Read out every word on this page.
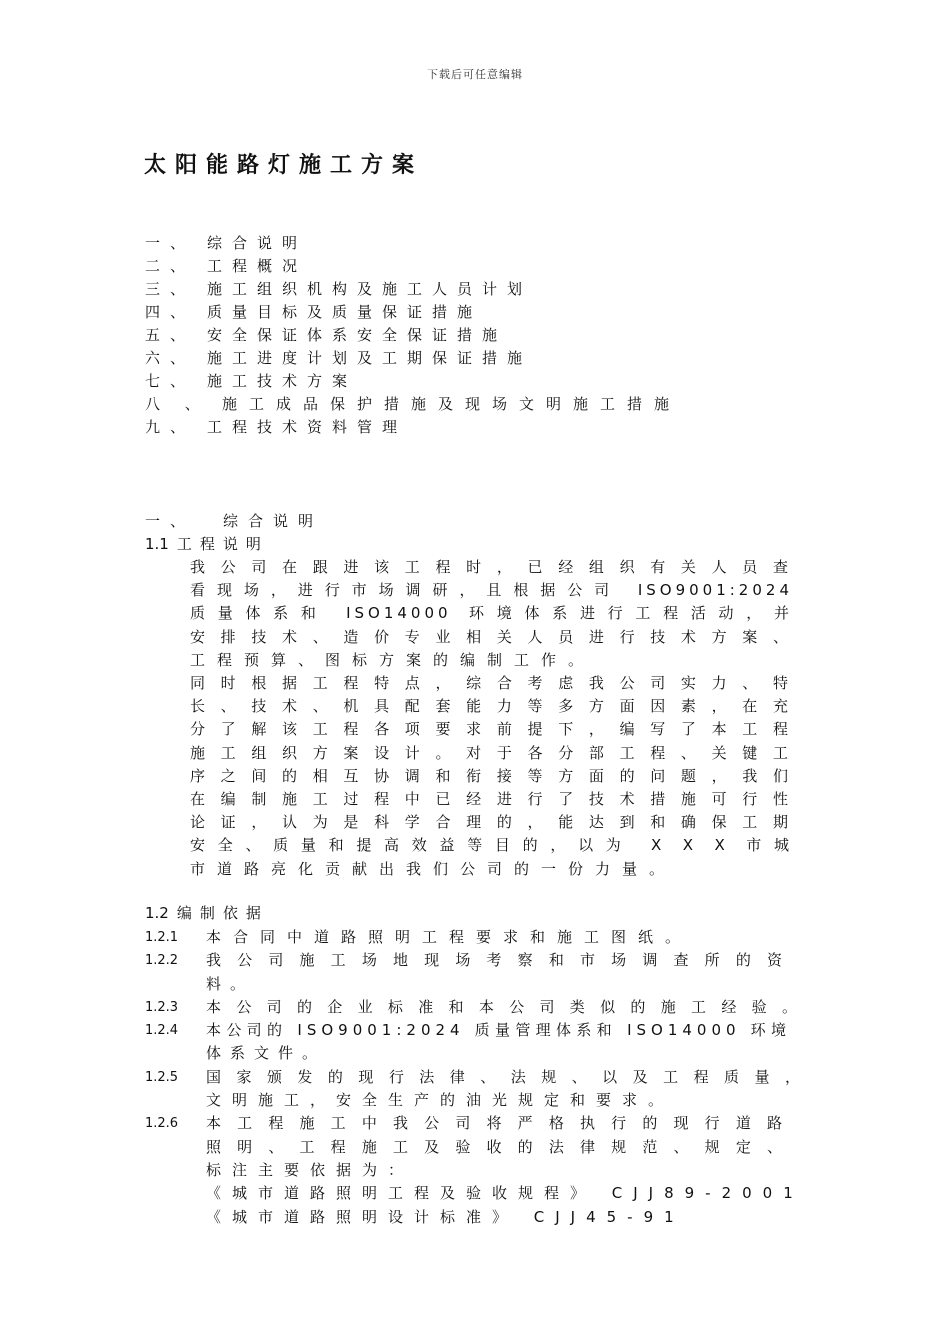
下载后可任意编辑
太阳能路灯施工方案
一、 综合说明
二、 工程概况
三、 施工组织机构及施工人员计划
四、 质量目标及质量保证措施
五、 安全保证体系安全保证措施
六、 施工进度计划及工期保证措施
七、 施工技术方案
八 、 施工成品保护措施及现场文明施工措施
九、 工程技术资料管理
一、 综合说明
1.1 工程说明
我公司在跟进该工程时，已经组织有关人员查
看现场，进行市场调研，且根据公司 ISO9001:2024
质量体系和 ISO14000 环境体系进行工程活动，并
安排技术、造价专业相关人员进行技术方案、
工程预算、图标方案的编制工作。
同时根据工程特点，综合考虑我公司实力、特
长、技术、机具配套能力等多方面因素，在充
分了解该工程各项要求前提下，编写了本工程
施工组织方案设计。对于各分部工程、关键工
序之间的相互协调和衔接等方面的问题，我们
在编制施工过程中已经进行了技术措施可行性
论证，认为是科学合理的，能达到和确保工期
安全、质量和提高效益等目的，以为 X X X 市城
市道路亮化贡献出我们公司的一份力量。
1.2 编制依据
1.2.1	本合同中道路照明工程要求和施工图纸。
1.2.2	我公司施工场地现场考察和市场调查所的资
料。
1.2.3	本公司的企业标准和本公司类似的施工经验。
1.2.4	本公司的 ISO9001:2024 质量管理体系和 ISO14000 环境
体系文件。
1.2.5	国家颁发的现行法律、法规、以及工程质量，
文明施工，安全生产的油光规定和要求。
1.2.6	本工程施工中我公司将严格执行的现行道路
照明、工程施工及验收的法律规范、规定、
标注主要依据为：
《城市道路照明工程及验收规程》 CJJ89-2001
《城市道路照明设计标准》 CJJ45-91
